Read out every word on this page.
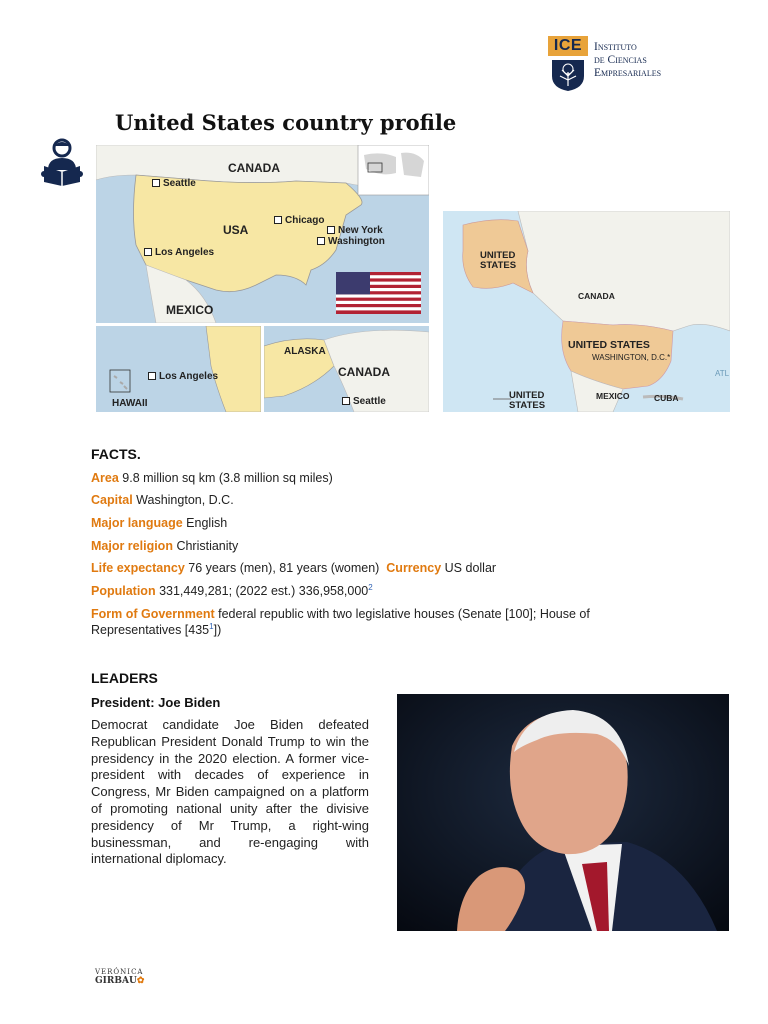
ICE	Instituto
de Ciencias
Empresariales
United States country profile
CANADA
USA
MEXICO
Seattle
Chicago
New York
Washington
Los Angeles
Los Angeles
HAWAII
ALASKA
CANADA
Seattle
UNITED STATES
CANADA
UNITED STATES
WASHINGTON, D.C.*
MEXICO	CUBA
UNITED STATES
ATL
FACTS.
Area 9.8 million sq km (3.8 million sq miles)
Capital Washington, D.C.
Major language English
Major religion Christianity
Life expectancy 76 years (men), 81 years (women) Currency US dollar
Population 331,449,281; (2022 est.) 336,958,000$^2$
Form of Government federal republic with two legislative houses (Senate [100]; House of Representatives $[435^1]$)
LEADERS
President: Joe Biden
Democrat candidate Joe Biden defeated Republican President Donald Trump to win the presidency in the 2020 election. A former vice-president with decades of experience in Congress, Mr Biden campaigned on a platform of promoting national unity after the divisive presidency of Mr Trump, a right-wing businessman, and re-engaging with international diplomacy.
VERÓNICA
GIRBAU✿
